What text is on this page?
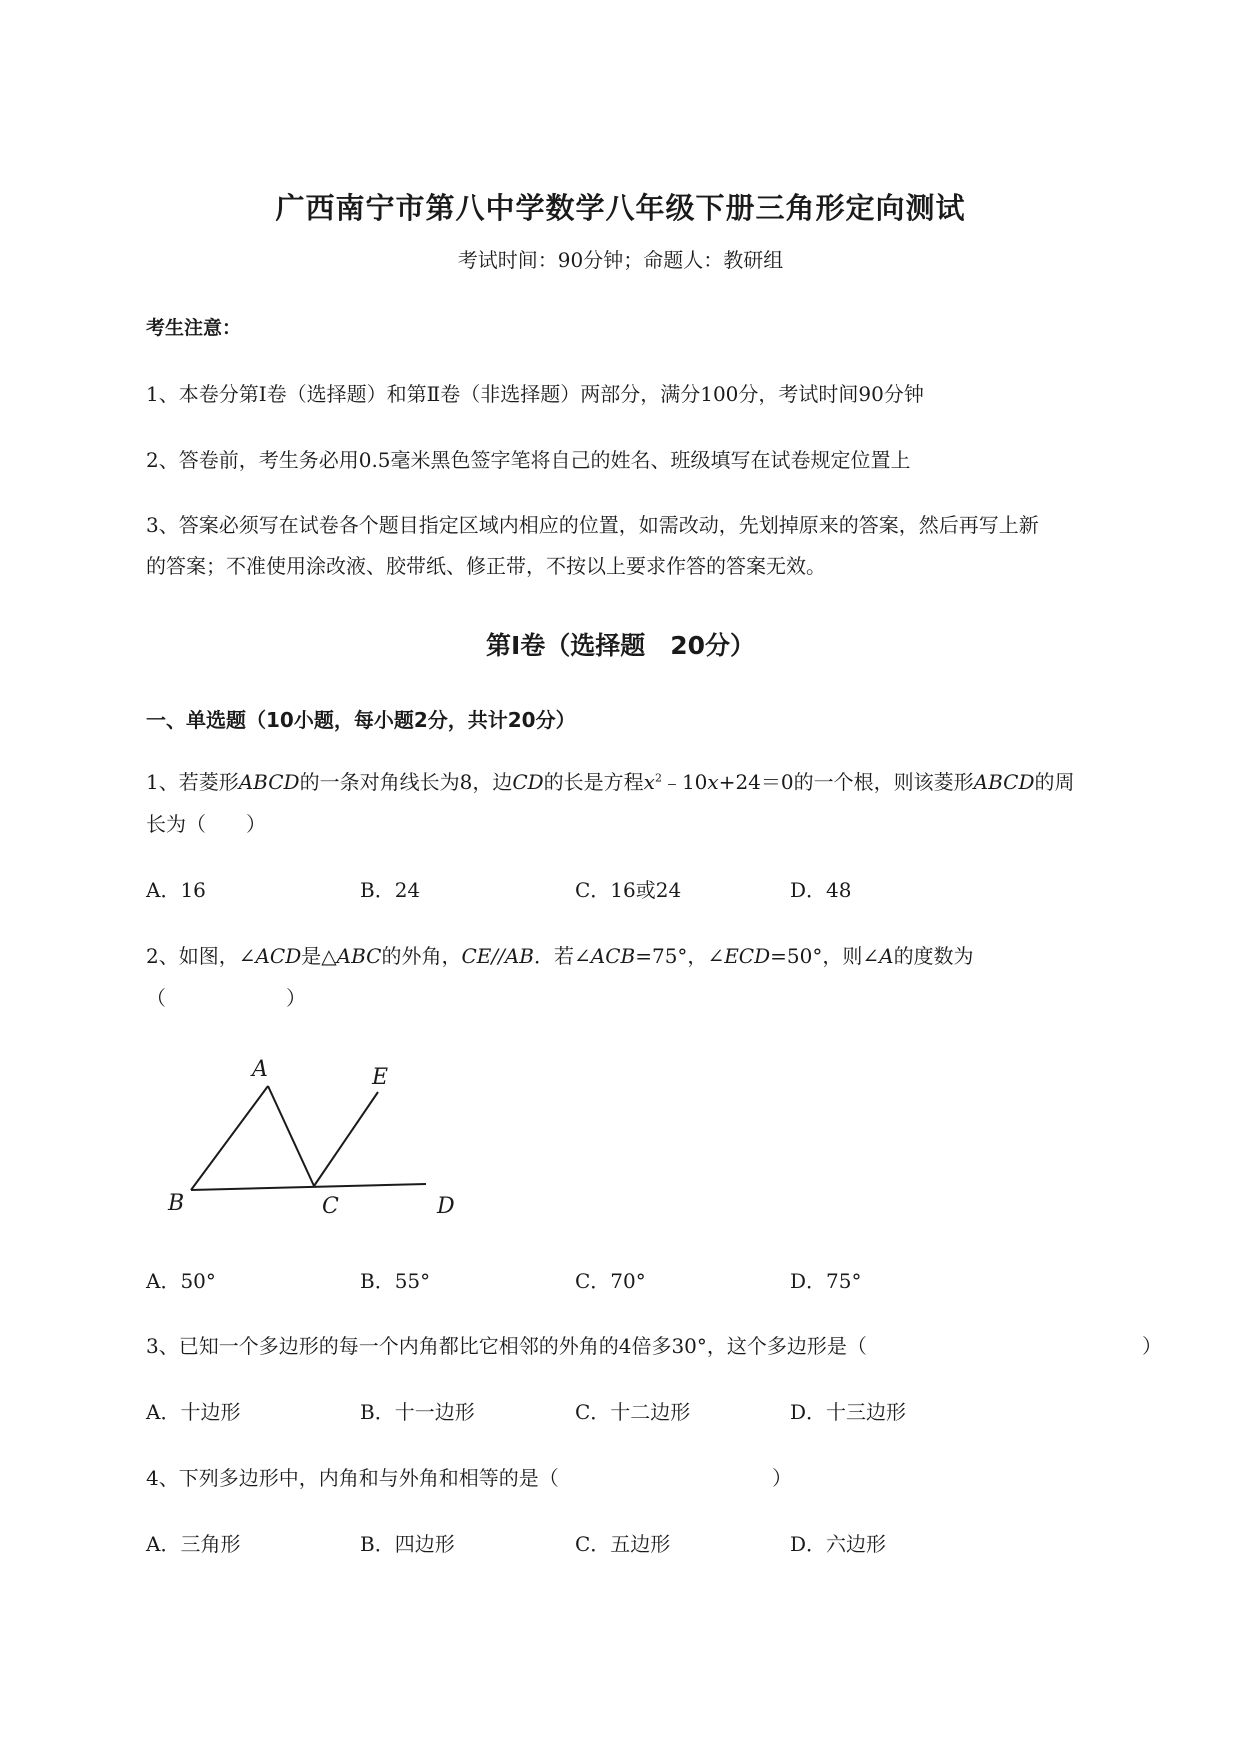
广西南宁市第八中学数学八年级下册三角形定向测试
考试时间：90分钟；命题人：教研组
考生注意：
1、本卷分第Ⅰ卷（选择题）和第Ⅱ卷（非选择题）两部分，满分100分，考试时间90分钟
2、答卷前，考生务必用0.5毫米黑色签字笔将自己的姓名、班级填写在试卷规定位置上
3、答案必须写在试卷各个题目指定区域内相应的位置，如需改动，先划掉原来的答案，然后再写上新
的答案；不准使用涂改液、胶带纸、修正带，不按以上要求作答的答案无效。
第Ⅰ卷（选择题　20分）
一、单选题（10小题，每小题2分，共计20分）
1、若菱形ABCD的一条对角线长为8，边CD的长是方程$x^2﹣10x+24=0$的一个根，则该菱形ABCD的周
长为（　　）
A．16	B．24	C．16或24	D．48
2、如图，∠ACD是△ABC的外角，CE//AB．若∠ACB=75°，∠ECD=50°，则∠A的度数为
（　　　　　　）
A	E
B	C	D
A．50°	B．55°	C．70°	D．75°
3、已知一个多边形的每一个内角都比它相邻的外角的4倍多30°，这个多边形是（	）
A．十边形	B．十一边形	C．十二边形	D．十三边形
4、下列多边形中，内角和与外角和相等的是（	）
A．三角形	B．四边形	C．五边形	D．六边形
